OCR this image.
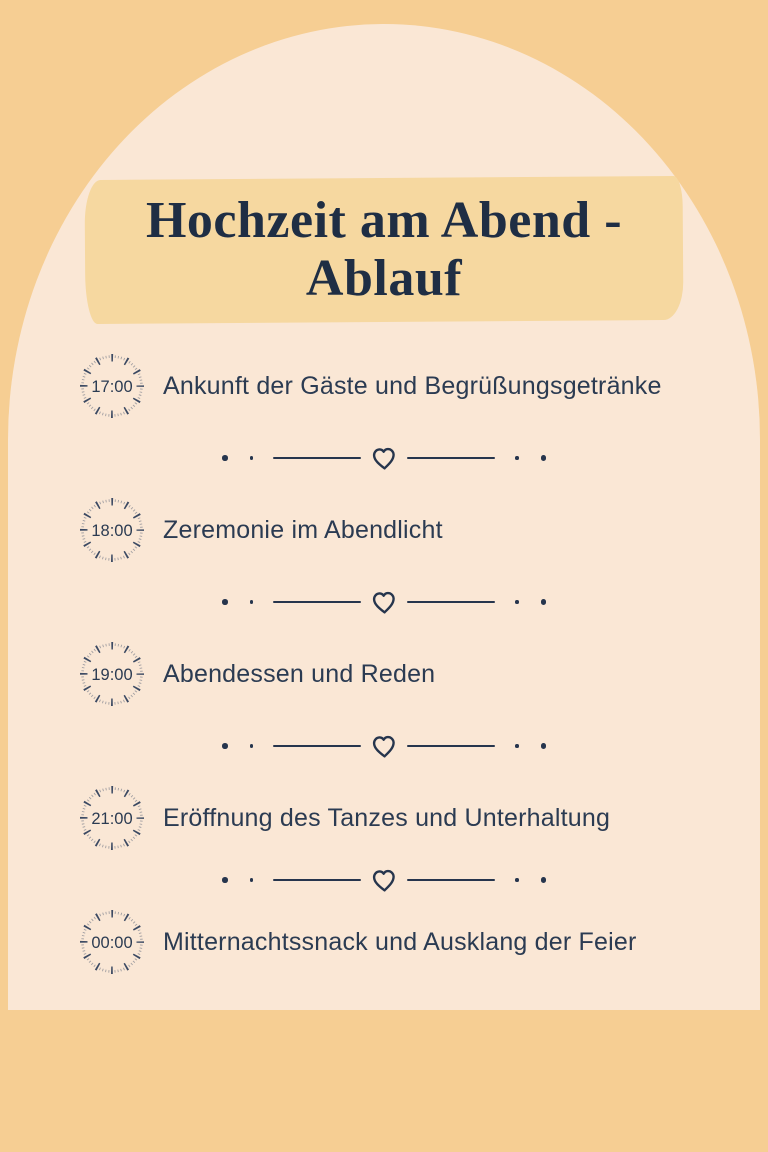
Hochzeit am Abend - Ablauf
17:00 Ankunft der Gäste und Begrüßungsgetränke
18:00 Zeremonie im Abendlicht
19:00 Abendessen und Reden
21:00 Eröffnung des Tanzes und Unterhaltung
00:00 Mitternachtssnack und Ausklang der Feier
